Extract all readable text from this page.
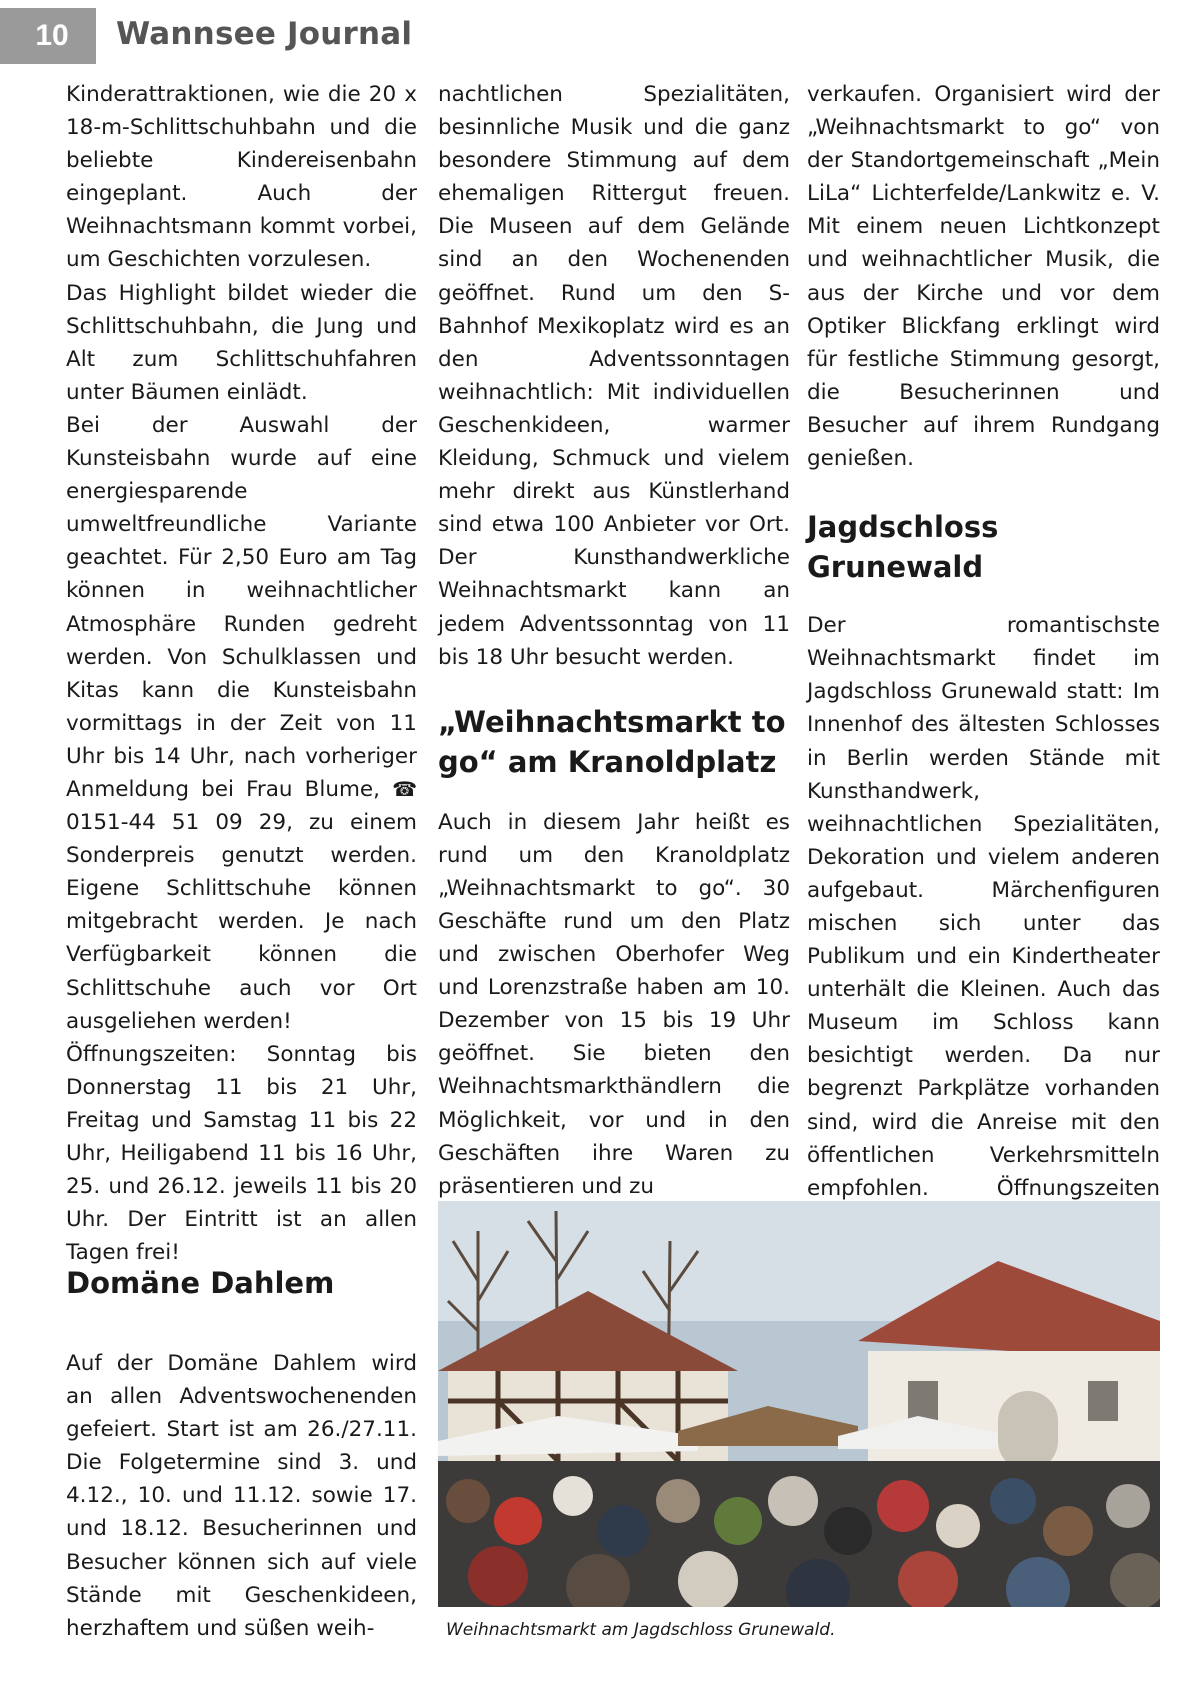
10	Wannsee Journal

Kinderattraktionen, wie die 20 x 18-m-Schlittschuhbahn und die beliebte Kindereisenbahn eingeplant. Auch der Weihnachtsmann kommt vorbei, um Geschichten vorzulesen.

Das Highlight bildet wieder die Schlittschuhbahn, die Jung und Alt zum Schlittschuhfahren unter Bäumen einlädt.

Bei der Auswahl der Kunsteisbahn wurde auf eine energiesparende umweltfreundliche Variante geachtet. Für 2,50 Euro am Tag können in weihnachtlicher Atmosphäre Runden gedreht werden. Von Schulklassen und Kitas kann die Kunsteisbahn vormittags in der Zeit von 11 Uhr bis 14 Uhr, nach vorheriger Anmeldung bei Frau Blume, ☎ 0151-44 51 09 29, zu einem Sonderpreis genutzt werden. Eigene Schlittschuhe können mitgebracht werden. Je nach Verfügbarkeit können die Schlittschuhe auch vor Ort ausgeliehen werden!

Öffnungszeiten: Sonntag bis Donnerstag 11 bis 21 Uhr, Freitag und Samstag 11 bis 22 Uhr, Heiligabend 11 bis 16 Uhr, 25. und 26.12. jeweils 11 bis 20 Uhr. Der Eintritt ist an allen Tagen frei!

Domäne Dahlem

Auf der Domäne Dahlem wird an allen Adventswochenenden gefeiert. Start ist am 26./27.11. Die Folgetermine sind 3. und 4.12., 10. und 11.12. sowie 17. und 18.12. Besucherinnen und Besucher können sich auf viele Stände mit Geschenkideen, herzhaftem und süßen weih-

nachtlichen Spezialitäten, besinnliche Musik und die ganz besondere Stimmung auf dem ehemaligen Rittergut freuen. Die Museen auf dem Gelände sind an den Wochenenden geöffnet. Rund um den S-Bahnhof Mexikoplatz wird es an den Adventssonntagen weihnachtlich: Mit individuellen Geschenkideen, warmer Kleidung, Schmuck und vielem mehr direkt aus Künstlerhand sind etwa 100 Anbieter vor Ort. Der Kunsthandwerkliche Weihnachtsmarkt kann an jedem Adventssonntag von 11 bis 18 Uhr besucht werden.

„Weihnachtsmarkt to go“ am Kranoldplatz

Auch in diesem Jahr heißt es rund um den Kranoldplatz „Weihnachtsmarkt to go“. 30 Geschäfte rund um den Platz und zwischen Oberhofer Weg und Lorenzstraße haben am 10. Dezember von 15 bis 19 Uhr geöffnet. Sie bieten den Weihnachtsmarkthändlern die Möglichkeit, vor und in den Geschäften ihre Waren zu präsentieren und zu

verkaufen. Organisiert wird der „Weihnachtsmarkt to go“ von der Standortgemeinschaft „Mein LiLa“ Lichterfelde/Lankwitz e. V. Mit einem neuen Lichtkonzept und weihnachtlicher Musik, die aus der Kirche und vor dem Optiker Blickfang erklingt wird für festliche Stimmung gesorgt, die Besucherinnen und Besucher auf ihrem Rundgang genießen.

Jagdschloss Grunewald

Der romantischste Weihnachtsmarkt findet im Jagdschloss Grunewald statt: Im Innenhof des ältesten Schlosses in Berlin werden Stände mit Kunsthandwerk, weihnachtlichen Spezialitäten, Dekoration und vielem anderen aufgebaut. Märchenfiguren mischen sich unter das Publikum und ein Kindertheater unterhält die Kleinen. Auch das Museum im Schloss kann besichtigt werden. Da nur begrenzt Parkplätze vorhanden sind, wird die Anreise mit den öffentlichen Verkehrsmitteln empfohlen. Öffnungszeiten

Weihnachtsmarkt am Jagdschloss Grunewald.
